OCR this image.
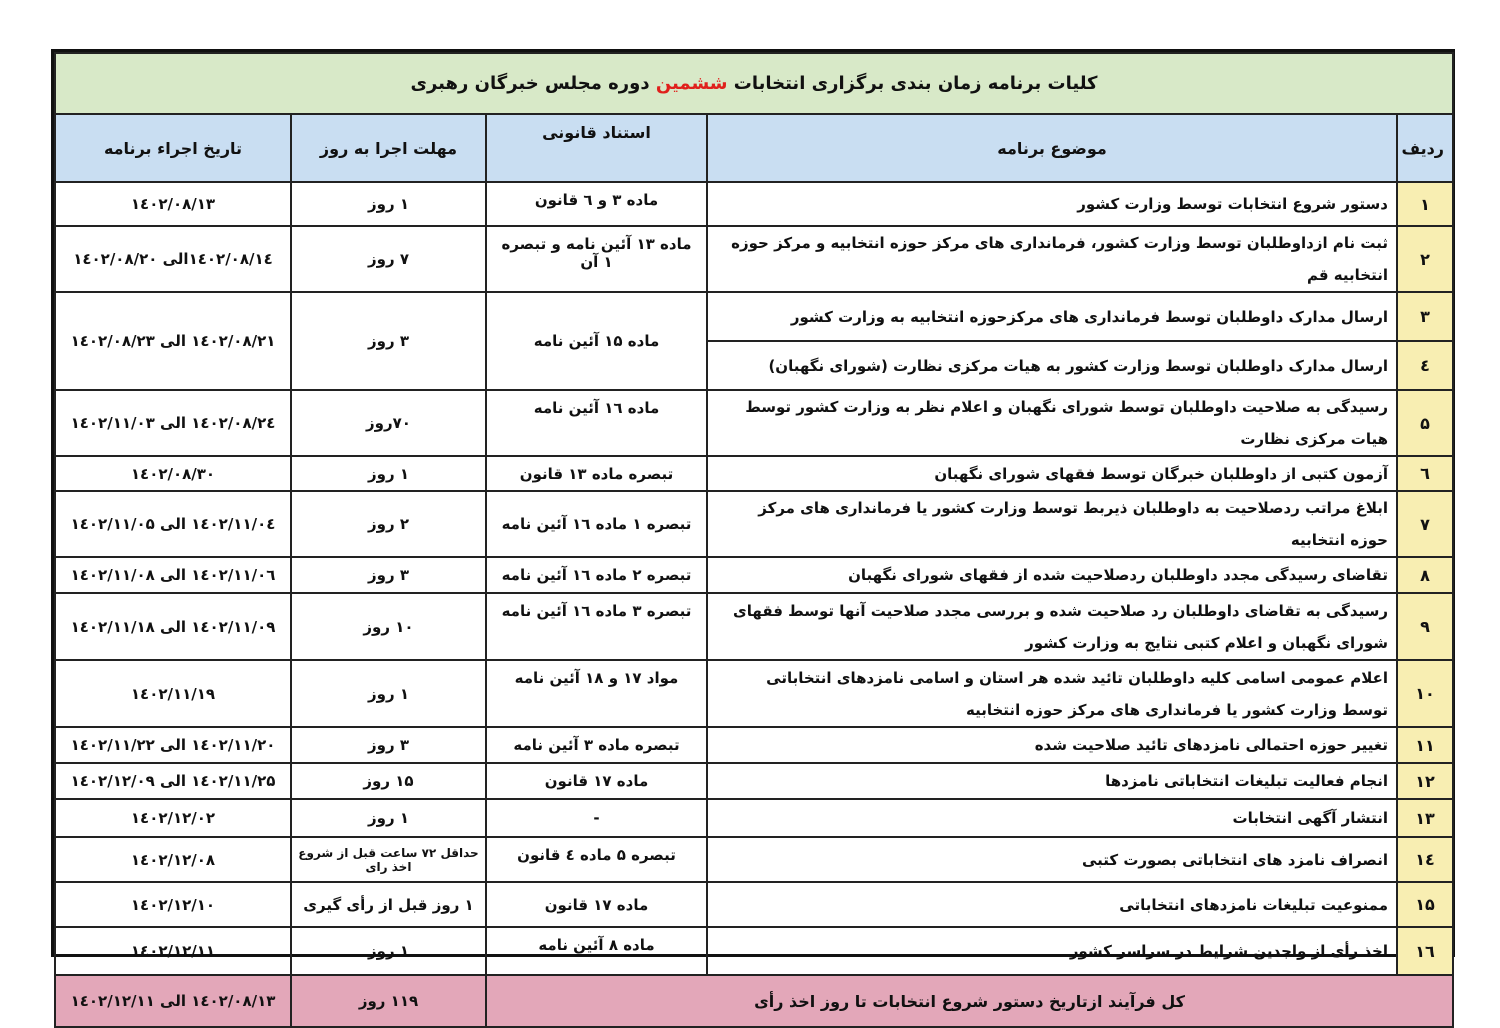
کلیات برنامه زمان بندی برگزاری انتخابات ششمین دوره مجلس خبرگان رهبری				
ردیف	موضوع برنامه	استناد قانونی	مهلت اجرا به روز	تاریخ اجراء برنامه
۱	دستور شروع انتخابات توسط وزارت کشور	ماده ۳ و ٦ قانون	۱ روز	۱٤۰۲/۰۸/۱۳
۲	ثبت نام ازداوطلبان توسط وزارت کشور، فرمانداری های مرکز حوزه انتخابیه و مرکز حوزه انتخابیه قم	ماده ۱۳ آئین نامه و تبصره ۱ آن	۷ روز	۱٤۰۲/۰۸/۱٤الی ۱٤۰۲/۰۸/۲۰
۳	ارسال مدارک داوطلبان توسط فرمانداری های مرکزحوزه انتخابیه به وزارت کشور	ماده ۱۵ آئین نامه	۳ روز	۱٤۰۲/۰۸/۲۱ الی ۱٤۰۲/۰۸/۲۳
٤	ارسال مدارک داوطلبان توسط وزارت کشور به هیات مرکزی نظارت (شورای نگهبان)			
۵	رسیدگی به صلاحیت داوطلبان توسط شورای نگهبان و اعلام نظر به وزارت کشور توسط هیات مرکزی نظارت	ماده ۱٦ آئین نامه	۷۰روز	۱٤۰۲/۰۸/۲٤ الی ۱٤۰۲/۱۱/۰۳
٦	آزمون کتبی از داوطلبان خبرگان توسط فقهای شورای نگهبان	تبصره ماده ۱۳ قانون	۱ روز	۱٤۰۲/۰۸/۳۰
۷	ابلاغ مراتب ردصلاحیت به داوطلبان ذیربط توسط وزارت کشور یا فرمانداری های مرکز حوزه انتخابیه	تبصره ۱ ماده ۱٦ آئین نامه	۲ روز	۱٤۰۲/۱۱/۰٤ الی ۱٤۰۲/۱۱/۰۵
۸	تقاضای رسیدگی مجدد داوطلبان ردصلاحیت شده از فقهای شورای نگهبان	تبصره ۲ ماده ۱٦ آئین نامه	۳ روز	۱٤۰۲/۱۱/۰٦ الی ۱٤۰۲/۱۱/۰۸
۹	رسیدگی به تقاضای داوطلبان رد صلاحیت شده و بررسی مجدد صلاحیت آنها توسط فقهای شورای نگهبان و اعلام کتبی نتایج به وزارت کشور	تبصره ۳ ماده ۱٦ آئین نامه	۱۰ روز	۱٤۰۲/۱۱/۰۹ الی ۱٤۰۲/۱۱/۱۸
۱۰	اعلام عمومی اسامی کلیه داوطلبان تائید شده هر استان و اسامی نامزدهای انتخاباتی توسط وزارت کشور یا فرمانداری های مرکز حوزه انتخابیه	مواد ۱۷ و ۱۸ آئین نامه	۱ روز	۱٤۰۲/۱۱/۱۹
۱۱	تغییر حوزه احتمالی نامزدهای تائید صلاحیت شده	تبصره ماده ۳ آئین نامه	۳ روز	۱٤۰۲/۱۱/۲۰ الی ۱٤۰۲/۱۱/۲۲
۱۲	انجام فعالیت تبلیغات انتخاباتی نامزدها	ماده ۱۷ قانون	۱۵ روز	۱٤۰۲/۱۱/۲۵ الی ۱٤۰۲/۱۲/۰۹
۱۳	انتشار آگهی انتخابات	-	۱ روز	۱٤۰۲/۱۲/۰۲
۱٤	انصراف نامزد های انتخاباتی بصورت کتبی	تبصره ۵ ماده ٤ قانون	حداقل ۷۲ ساعت قبل از شروع اخذ رای	۱٤۰۲/۱۲/۰۸
۱۵	ممنوعیت تبلیغات نامزدهای انتخاباتی	ماده ۱۷ قانون	۱ روز قبل از رأی گیری	۱٤۰۲/۱۲/۱۰
۱٦	اخذ رأی از واجدین شرایط در سراسر کشور	ماده ۸ آئین نامه	۱ روز	۱٤۰۲/۱۲/۱۱
کل فرآیند ازتاریخ دستور شروع انتخابات تا روز اخذ رأی			۱۱۹ روز	۱٤۰۲/۰۸/۱۳ الی ۱٤۰۲/۱۲/۱۱
